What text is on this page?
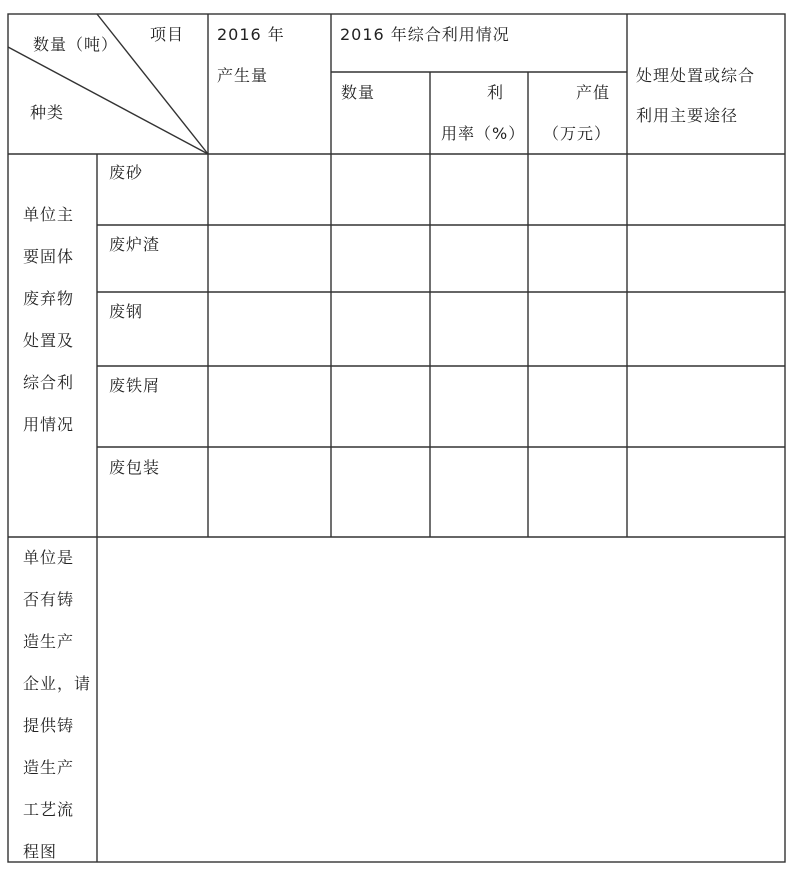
数量（吨）
项目
种类
2016 年
产生量
2016 年综合利用情况
数量	利
用率（%）
产值
（万元）
处理处置或综合
利用主要途径
单位主
要固体
废弃物
处置及
综合利
用情况
废砂
废炉渣
废钢
废铁屑
废包装
单位是
否有铸
造生产
企业，请
提供铸
造生产
工艺流
程图
